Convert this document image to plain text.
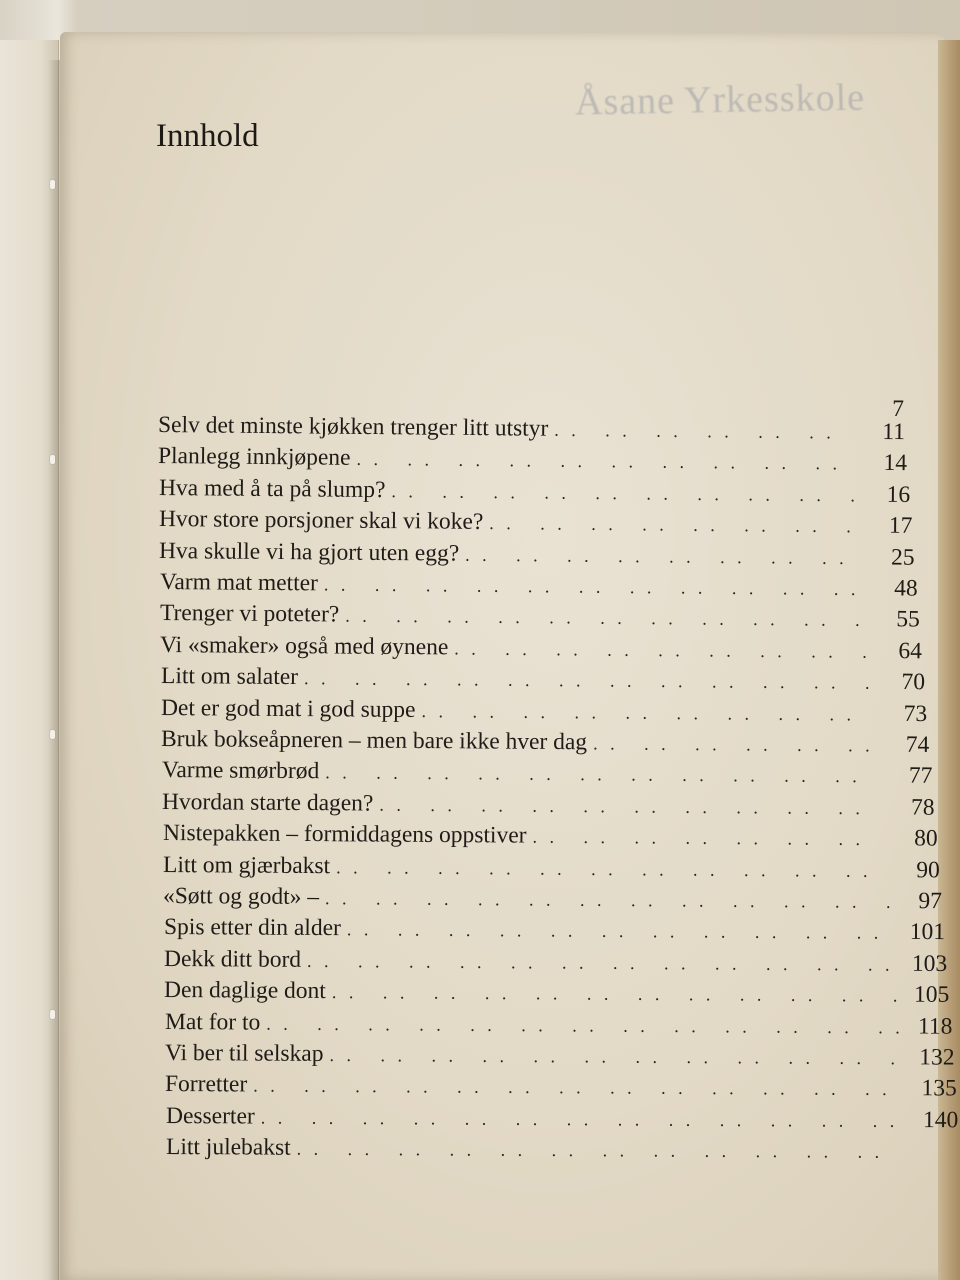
Åsane Yrkesskole
Innhold
7
Selv det minste kjøkken trenger litt utstyr . .	11
Planlegg innkjøpene . .	14
Hva med å ta på slump? . .	16
Hvor store porsjoner skal vi koke? . .	17
Hva skulle vi ha gjort uten egg? . .	25
Varm mat metter . .	48
Trenger vi poteter? . .	55
Vi «smaker» også med øynene . .	64
Litt om salater . .	70
Det er god mat i god suppe . .	73
Bruk bokseåpneren – men bare ikke hver dag . .	74
Varme smørbrød . .	77
Hvordan starte dagen? . .	78
Nistepakken – formiddagens oppstiver . .	80
Litt om gjærbakst . .	90
«Søtt og godt» – . .	97
Spis etter din alder . .	101
Dekk ditt bord . .	103
Den daglige dont . .	105
Mat for to . .	118
Vi ber til selskap . .	132
Forretter . .	135
Desserter . .	140
Litt julebakst
. .
